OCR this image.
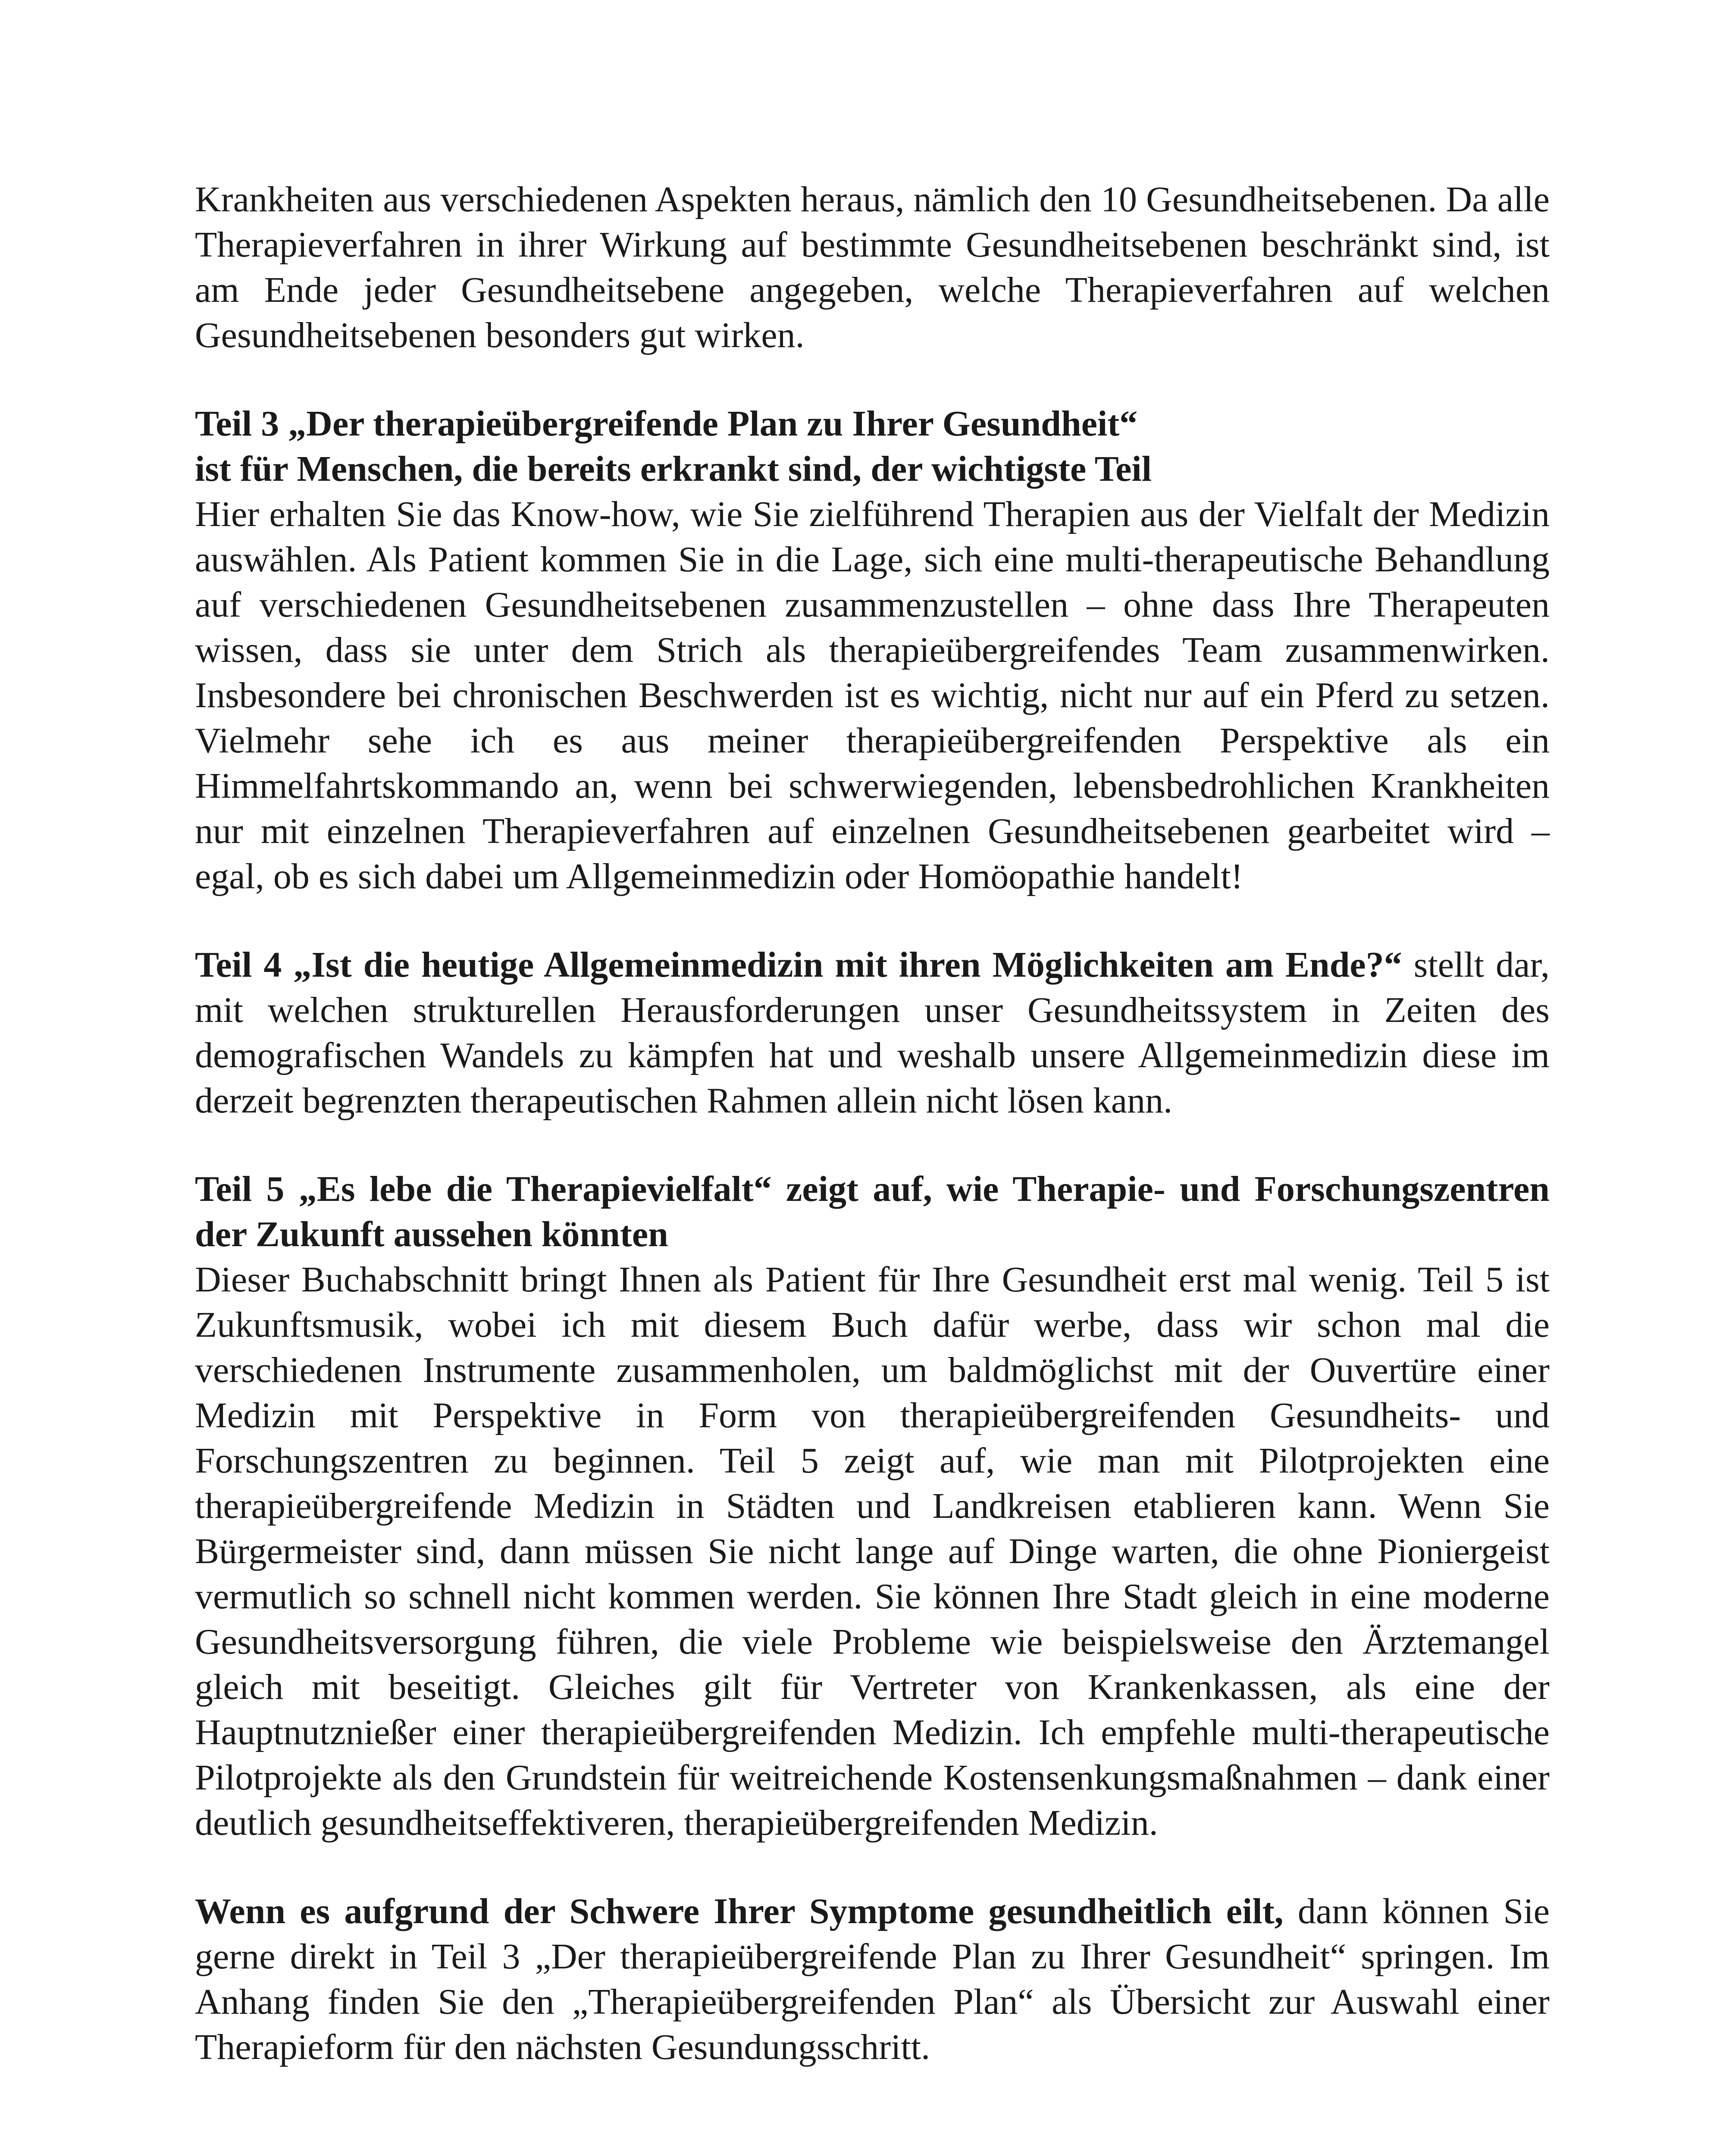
Krankheiten aus verschiedenen Aspekten heraus, nämlich den 10 Gesundheitsebenen. Da alle Therapieverfahren in ihrer Wirkung auf bestimmte Gesundheitsebenen beschränkt sind, ist am Ende jeder Gesundheitsebene angegeben, welche Therapieverfahren auf welchen Gesundheitsebenen besonders gut wirken.

Teil 3 „Der therapieübergreifende Plan zu Ihrer Gesundheit“
ist für Menschen, die bereits erkrankt sind, der wichtigste Teil

Hier erhalten Sie das Know-how, wie Sie zielführend Therapien aus der Vielfalt der Medizin auswählen. Als Patient kommen Sie in die Lage, sich eine multi-therapeutische Behandlung auf verschiedenen Gesundheitsebenen zusammenzustellen – ohne dass Ihre Therapeuten wissen, dass sie unter dem Strich als therapieübergreifendes Team zusammenwirken. Insbesondere bei chronischen Beschwerden ist es wichtig, nicht nur auf ein Pferd zu setzen. Vielmehr sehe ich es aus meiner therapieübergreifenden Perspektive als ein Himmelfahrtskommando an, wenn bei schwerwiegenden, lebensbedrohlichen Krankheiten nur mit einzelnen Therapieverfahren auf einzelnen Gesundheitsebenen gearbeitet wird – egal, ob es sich dabei um Allgemeinmedizin oder Homöopathie handelt!

Teil 4 „Ist die heutige Allgemeinmedizin mit ihren Möglichkeiten am Ende?“ stellt dar, mit welchen strukturellen Herausforderungen unser Gesundheitssystem in Zeiten des demografischen Wandels zu kämpfen hat und weshalb unsere Allgemeinmedizin diese im derzeit begrenzten therapeutischen Rahmen allein nicht lösen kann.

Teil 5 „Es lebe die Therapievielfalt“ zeigt auf, wie Therapie- und Forschungszentren der Zukunft aussehen könnten

Dieser Buchabschnitt bringt Ihnen als Patient für Ihre Gesundheit erst mal wenig. Teil 5 ist Zukunftsmusik, wobei ich mit diesem Buch dafür werbe, dass wir schon mal die verschiedenen Instrumente zusammenholen, um baldmöglichst mit der Ouvertüre einer Medizin mit Perspektive in Form von therapieübergreifenden Gesundheits- und Forschungszentren zu beginnen. Teil 5 zeigt auf, wie man mit Pilotprojekten eine therapieübergreifende Medizin in Städten und Landkreisen etablieren kann. Wenn Sie Bürgermeister sind, dann müssen Sie nicht lange auf Dinge warten, die ohne Pioniergeist vermutlich so schnell nicht kommen werden. Sie können Ihre Stadt gleich in eine moderne Gesundheitsversorgung führen, die viele Probleme wie beispielsweise den Ärztemangel gleich mit beseitigt. Gleiches gilt für Vertreter von Krankenkassen, als eine der Hauptnutznießer einer therapieübergreifenden Medizin. Ich empfehle multi-therapeutische Pilotprojekte als den Grundstein für weitreichende Kostensenkungsmaßnahmen – dank einer deutlich gesundheitseffektiveren, therapieübergreifenden Medizin.

Wenn es aufgrund der Schwere Ihrer Symptome gesundheitlich eilt, dann können Sie gerne direkt in Teil 3 „Der therapieübergreifende Plan zu Ihrer Gesundheit“ springen. Im Anhang finden Sie den „Therapieübergreifenden Plan“ als Übersicht zur Auswahl einer Therapieform für den nächsten Gesundungsschritt.
